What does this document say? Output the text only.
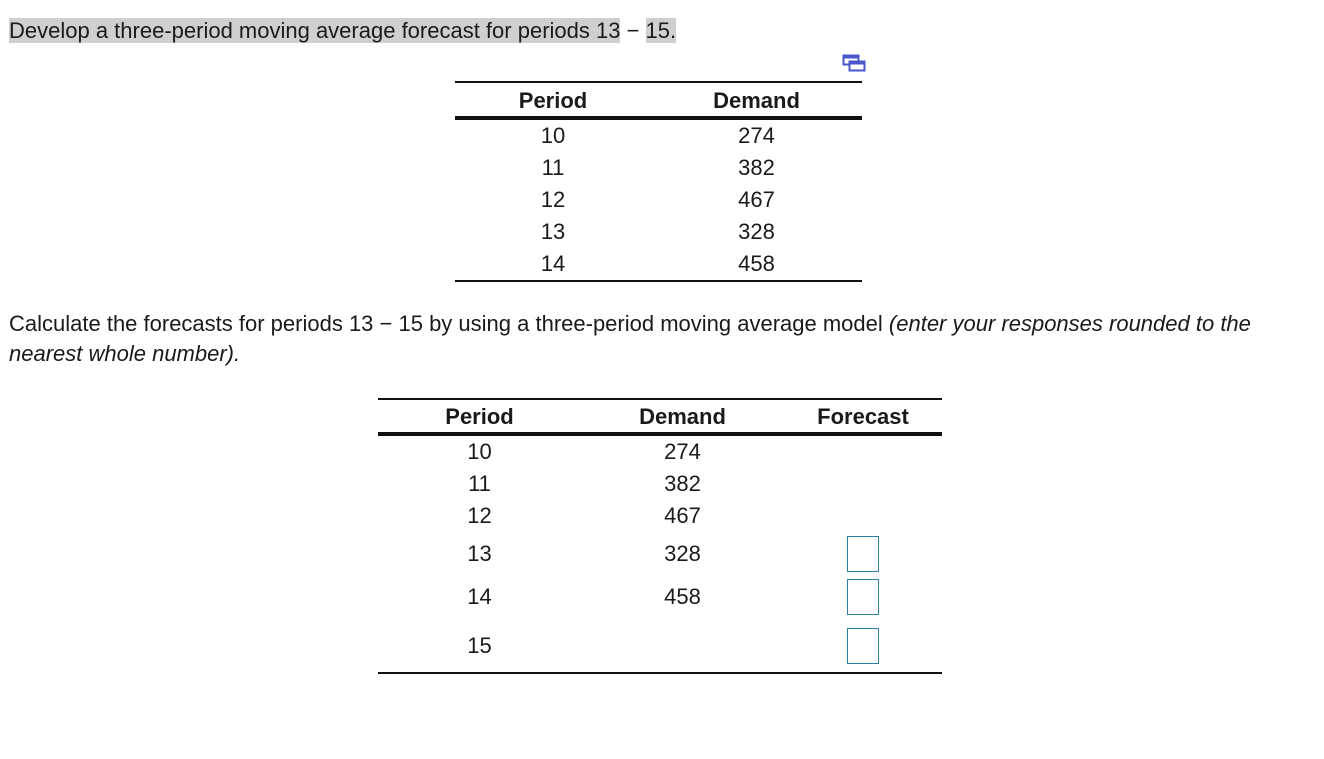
Develop a three-period moving average forecast for periods 13 − 15.
Period	Demand
10	274
11	382
12	467
13	328
14	458
Calculate the forecasts for periods 13 − 15 by using a three-period moving average model (enter your responses rounded to the nearest whole number).
Period	Demand	Forecast
10	274
11	382
12	467
13	328
14	458
15
